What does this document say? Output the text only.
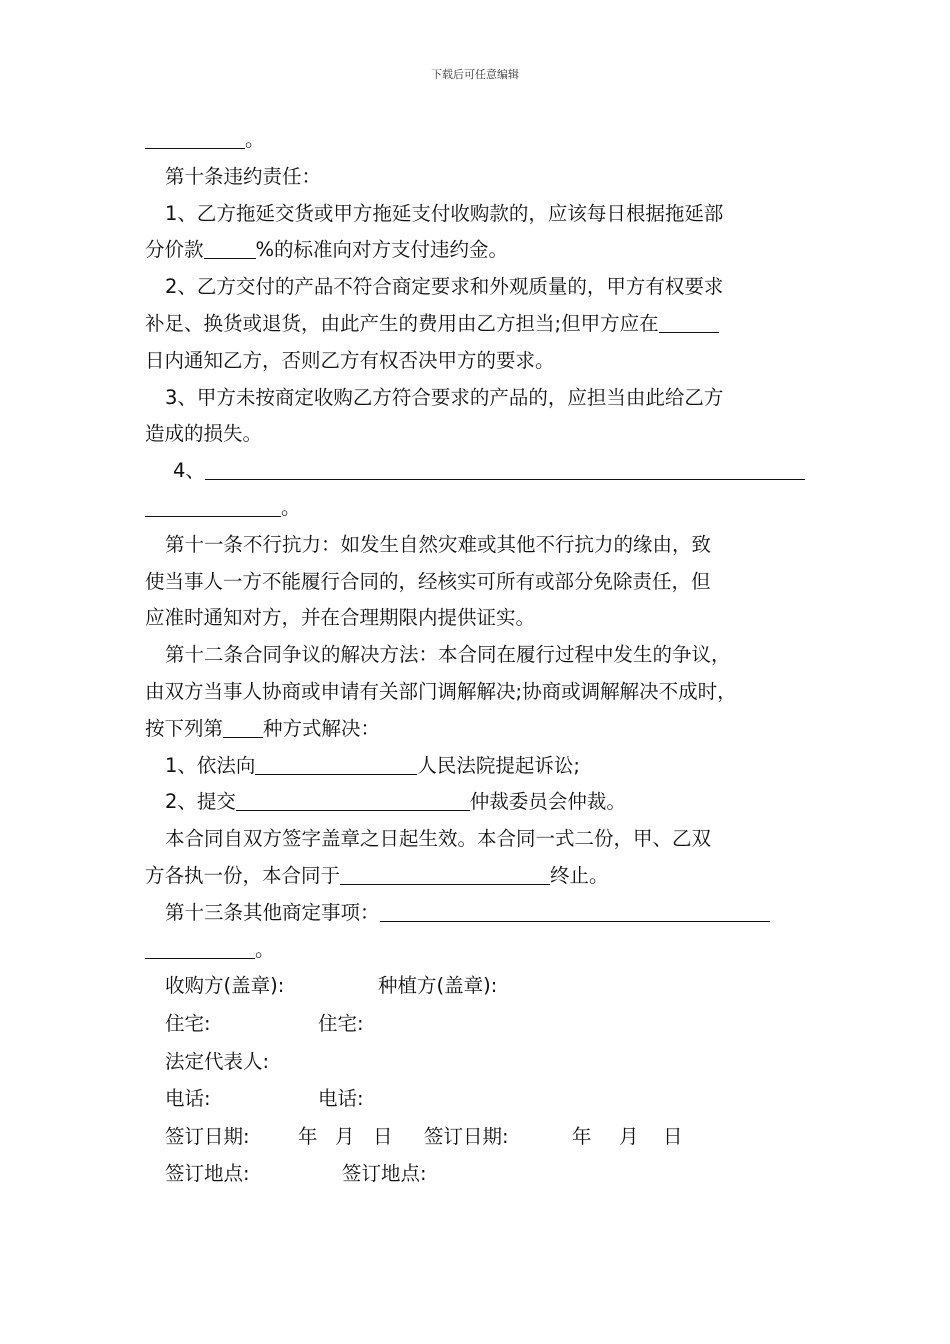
下载后可任意编辑
。
第十条违约责任：
1、乙方拖延交货或甲方拖延支付收购款的，应该每日根据拖延部
分价款	%的标准向对方支付违约金。
2、乙方交付的产品不符合商定要求和外观质量的，甲方有权要求
补足、换货或退货，由此产生的费用由乙方担当;但甲方应在
日内通知乙方，否则乙方有权否决甲方的要求。
3、甲方未按商定收购乙方符合要求的产品的，应担当由此给乙方
造成的损失。
4、
。
第十一条不行抗力：如发生自然灾难或其他不行抗力的缘由，致
使当事人一方不能履行合同的，经核实可所有或部分免除责任，但
应准时通知对方，并在合理期限内提供证实。
第十二条合同争议的解决方法：本合同在履行过程中发生的争议，
由双方当事人协商或申请有关部门调解解决;协商或调解解决不成时，
按下列第 种方式解决：
1、依法向	人民法院提起诉讼;
2、提交	仲裁委员会仲裁。
本合同自双方签字盖章之日起生效。本合同一式二份，甲、乙双
方各执一份，本合同于	终止。
第十三条其他商定事项：
。
收购方(盖章):	种植方(盖章):
住宅:	住宅:
法定代表人:
电话:	电话:
签订日期: 年 月 日 签订日期:	年 月 日
签订地点:	签订地点:
